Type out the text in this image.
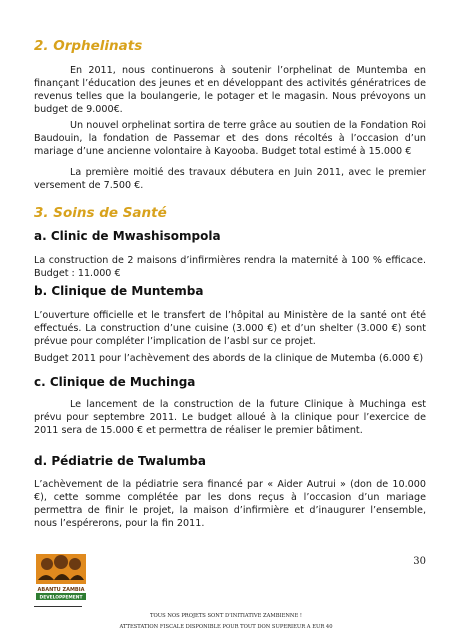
2. Orphelinats

En 2011, nous continuerons à soutenir l’orphelinat de Muntemba en finançant l’éducation des jeunes et en développant des activités génératrices de revenus telles que la boulangerie, le potager et le magasin. Nous prévoyons un budget de 9.000€.

Un nouvel orphelinat sortira de terre grâce au soutien de la Fondation Roi Baudouin, la fondation de Passemar et des dons récoltés à l’occasion d’un mariage d’une ancienne volontaire à Kayooba. Budget total estimé à 15.000 €

La première moitié des travaux débutera en Juin 2011, avec le premier versement de 7.500 €.

3. Soins de Santé
a. Clinic de Mwashisompola

La construction de 2 maisons d’infirmières rendra la maternité à 100 % efficace. Budget : 11.000 €

b. Clinique de Muntemba

L’ouverture officielle et le transfert de l’hôpital au Ministère de la santé ont été effectués. La construction d’une cuisine (3.000 €) et d’un shelter (3.000 €) sont prévue pour compléter l’implication de l’asbl sur ce projet.

Budget 2011 pour l’achèvement des abords de la clinique de Mutemba (6.000 €)

c. Clinique de Muchinga

Le lancement de la construction de la future Clinique à Muchinga est prévu pour septembre 2011. Le budget alloué à la clinique pour l’exercice de 2011 sera de 15.000 € et permettra de réaliser le premier bâtiment.

d. Pédiatrie de Twalumba

L’achèvement de la pédiatrie sera financé par « Aider Autrui » (don de 10.000 €), cette somme complétée par les dons reçus à l’occasion d’un mariage permettra de finir le projet, la maison d’infirmière et d’inaugurer l’ensemble, nous l’espérerons, pour la fin 2011.

30
ABANTU ZAMBIA
DEVELOPPEMENT
TOUS NOS PROJETS SONT D’INITIATIVE ZAMBIENNE !
ATTESTATION FISCALE DISPONIBLE POUR TOUT DON SUPERIEUR A EUR 40
